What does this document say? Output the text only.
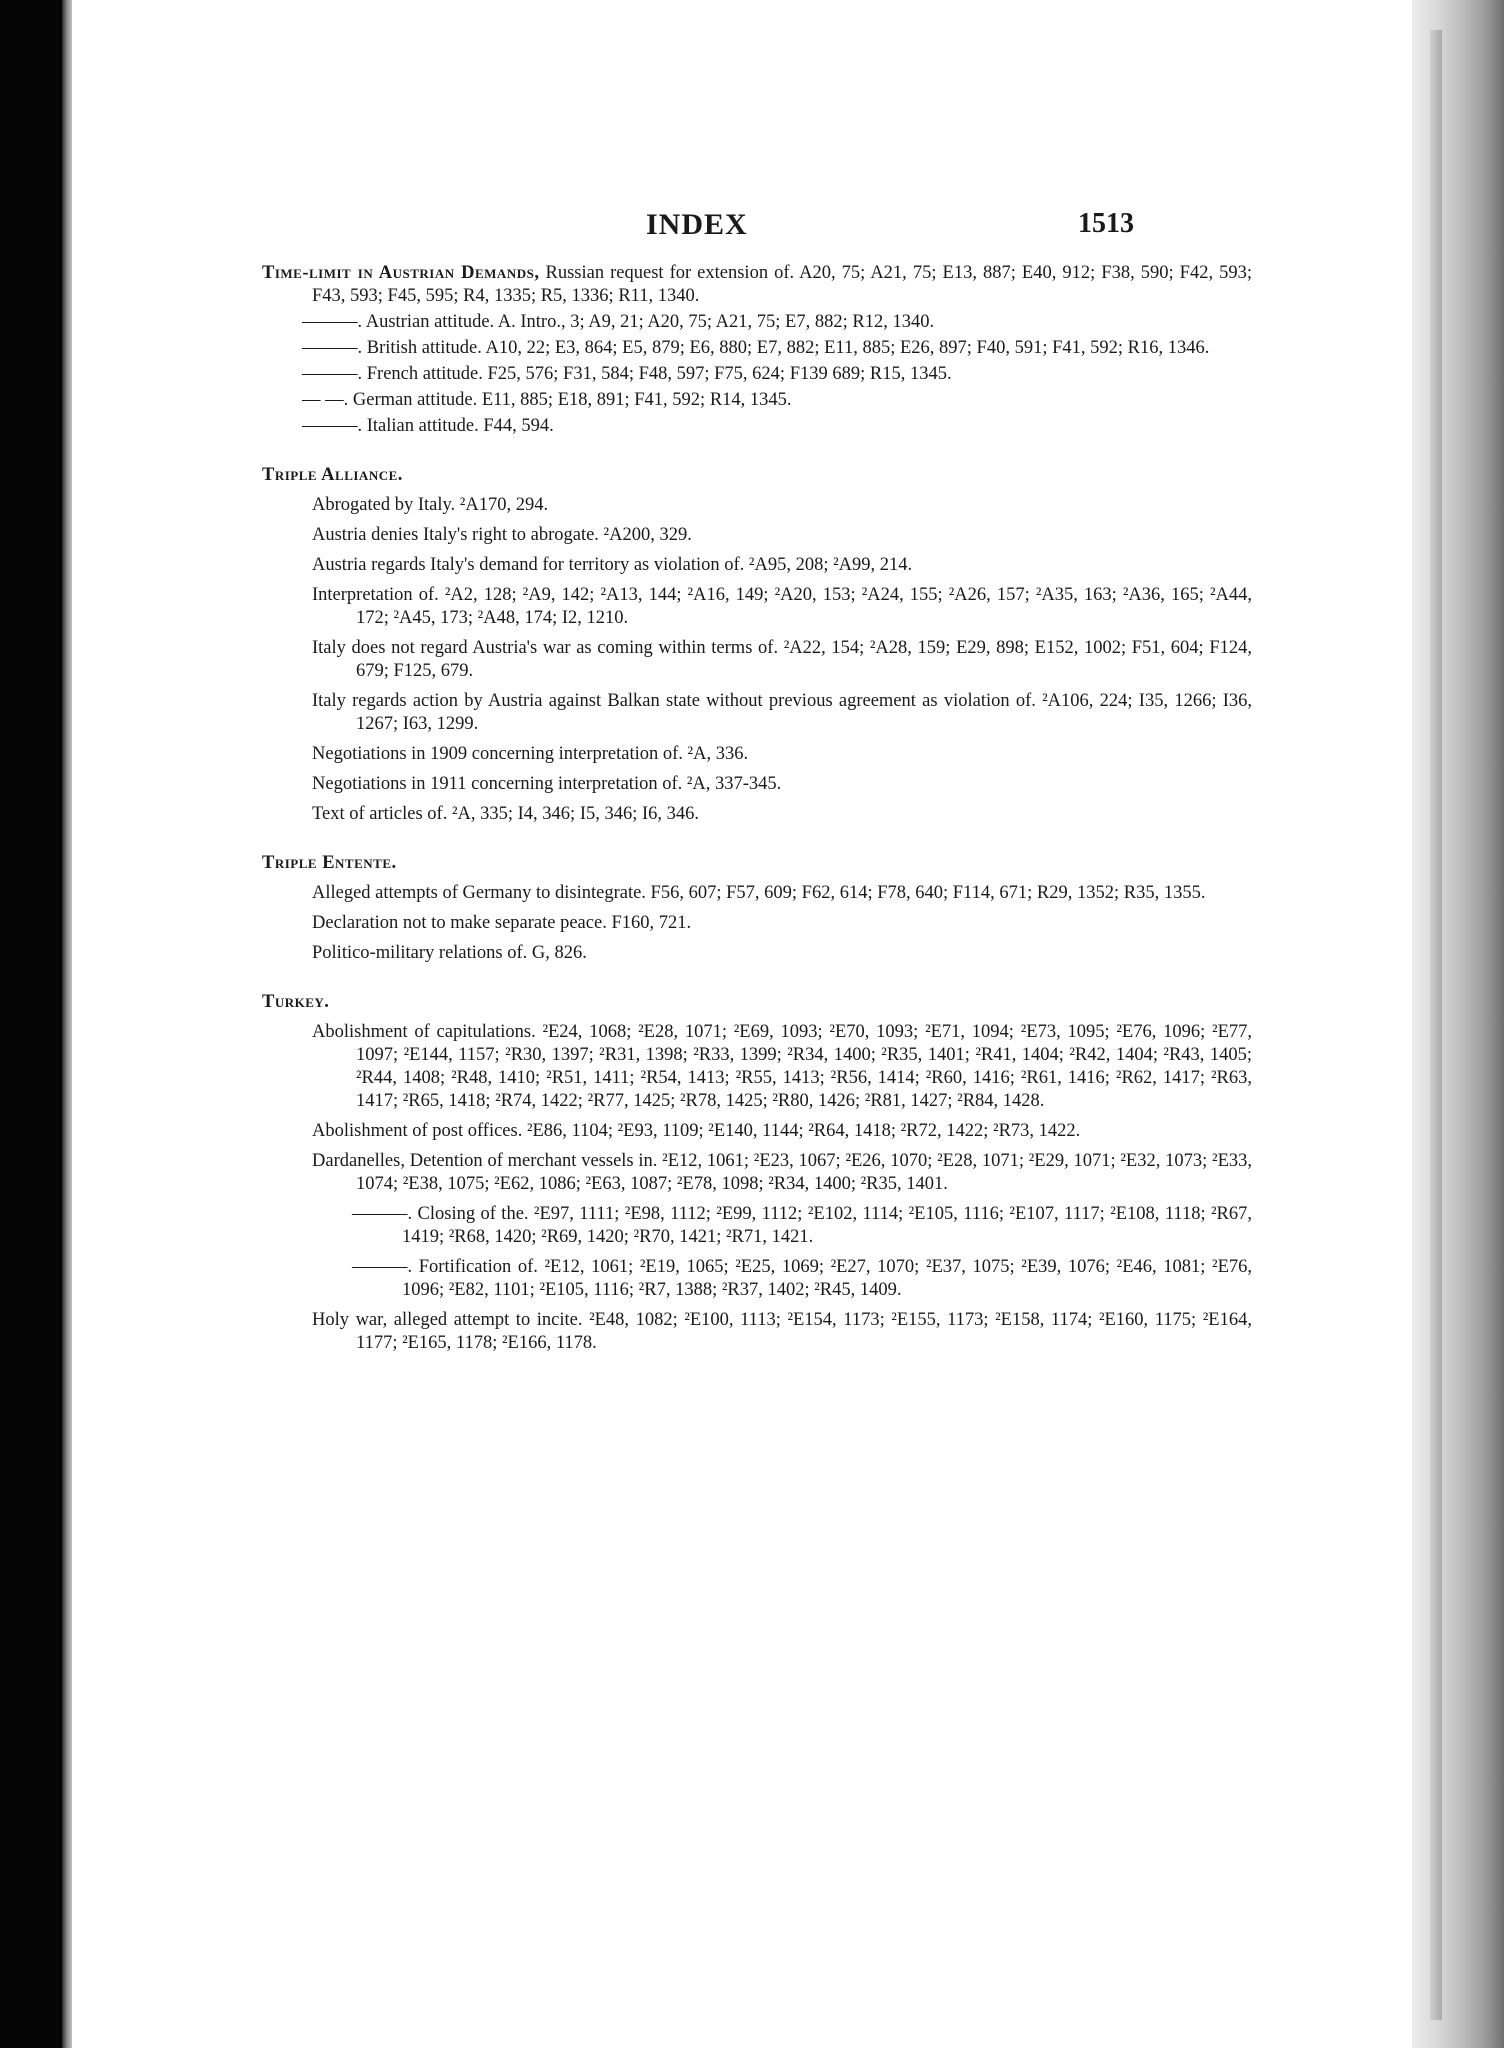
INDEX	1513
Time-limit in Austrian Demands, Russian request for extension of. A20, 75; A21, 75; E13, 887; E40, 912; F38, 590; F42, 593; F43, 593; F45, 595; R4, 1335; R5, 1336; R11, 1340.
———. Austrian attitude. A. Intro., 3; A9, 21; A20, 75; A21, 75; E7, 882; R12, 1340.
———. British attitude. A10, 22; E3, 864; E5, 879; E6, 880; E7, 882; E11, 885; E26, 897; F40, 591; F41, 592; R16, 1346.
———. French attitude. F25, 576; F31, 584; F48, 597; F75, 624; F139 689; R15, 1345.
— —. German attitude. E11, 885; E18, 891; F41, 592; R14, 1345.
———. Italian attitude. F44, 594.
Triple Alliance.
Abrogated by Italy. ²A170, 294.
Austria denies Italy's right to abrogate. ²A200, 329.
Austria regards Italy's demand for territory as violation of. ²A95, 208; ²A99, 214.
Interpretation of. ²A2, 128; ²A9, 142; ²A13, 144; ²A16, 149; ²A20, 153; ²A24, 155; ²A26, 157; ²A35, 163; ²A36, 165; ²A44, 172; ²A45, 173; ²A48, 174; I2, 1210.
Italy does not regard Austria's war as coming within terms of. ²A22, 154; ²A28, 159; E29, 898; E152, 1002; F51, 604; F124, 679; F125, 679.
Italy regards action by Austria against Balkan state without previous agreement as violation of. ²A106, 224; I35, 1266; I36, 1267; I63, 1299.
Negotiations in 1909 concerning interpretation of. ²A, 336.
Negotiations in 1911 concerning interpretation of. ²A, 337-345.
Text of articles of. ²A, 335; I4, 346; I5, 346; I6, 346.
Triple Entente.
Alleged attempts of Germany to disintegrate. F56, 607; F57, 609; F62, 614; F78, 640; F114, 671; R29, 1352; R35, 1355.
Declaration not to make separate peace. F160, 721.
Politico-military relations of. G, 826.
Turkey.
Abolishment of capitulations. ²E24, 1068; ²E28, 1071; ²E69, 1093; ²E70, 1093; ²E71, 1094; ²E73, 1095; ²E76, 1096; ²E77, 1097; ²E144, 1157; ²R30, 1397; ²R31, 1398; ²R33, 1399; ²R34, 1400; ²R35, 1401; ²R41, 1404; ²R42, 1404; ²R43, 1405; ²R44, 1408; ²R48, 1410; ²R51, 1411; ²R54, 1413; ²R55, 1413; ²R56, 1414; ²R60, 1416; ²R61, 1416; ²R62, 1417; ²R63, 1417; ²R65, 1418; ²R74, 1422; ²R77, 1425; ²R78, 1425; ²R80, 1426; ²R81, 1427; ²R84, 1428.
Abolishment of post offices. ²E86, 1104; ²E93, 1109; ²E140, 1144; ²R64, 1418; ²R72, 1422; ²R73, 1422.
Dardanelles, Detention of merchant vessels in. ²E12, 1061; ²E23, 1067; ²E26, 1070; ²E28, 1071; ²E29, 1071; ²E32, 1073; ²E33, 1074; ²E38, 1075; ²E62, 1086; ²E63, 1087; ²E78, 1098; ²R34, 1400; ²R35, 1401.
———. Closing of the. ²E97, 1111; ²E98, 1112; ²E99, 1112; ²E102, 1114; ²E105, 1116; ²E107, 1117; ²E108, 1118; ²R67, 1419; ²R68, 1420; ²R69, 1420; ²R70, 1421; ²R71, 1421.
———. Fortification of. ²E12, 1061; ²E19, 1065; ²E25, 1069; ²E27, 1070; ²E37, 1075; ²E39, 1076; ²E46, 1081; ²E76, 1096; ²E82, 1101; ²E105, 1116; ²R7, 1388; ²R37, 1402; ²R45, 1409.
Holy war, alleged attempt to incite. ²E48, 1082; ²E100, 1113; ²E154, 1173; ²E155, 1173; ²E158, 1174; ²E160, 1175; ²E164, 1177; ²E165, 1178; ²E166, 1178.
